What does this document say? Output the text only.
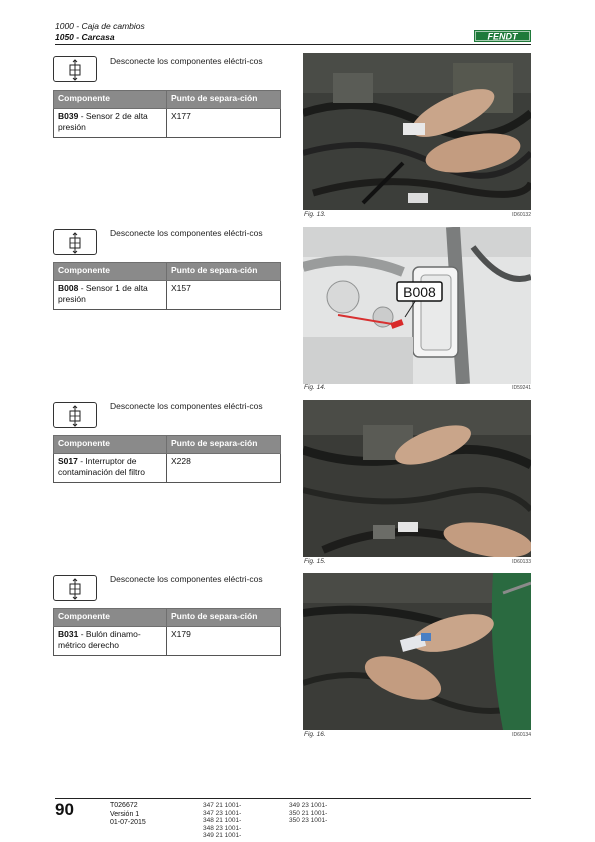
1000 - Caja de cambios
1050 - Carcasa	FENDT
Desconecte los componentes eléctri-cos
Componente	Punto de separa-ción
B039 - Sensor 2 de alta presión	X177
Fig. 13.	ID60132
Desconecte los componentes eléctri-cos
Componente	Punto de separa-ción
B008 - Sensor 1 de alta presión	X157	B008
Fig. 14.	ID59241
Desconecte los componentes eléctri-cos
Componente	Punto de separa-ción
S017 - Interruptor de contaminación del filtro	X228
Fig. 15.	ID60133
Desconecte los componentes eléctri-cos
Componente	Punto de separa-ción
B031 - Bulón dinamo-métrico derecho	X179
Fig. 16.	ID60134
90	T026672
Versión 1
01-07-2015
347 21 1001-
347 23 1001-
348 21 1001-
348 23 1001-
349 21 1001-
349 23 1001-
350 21 1001-
350 23 1001-
